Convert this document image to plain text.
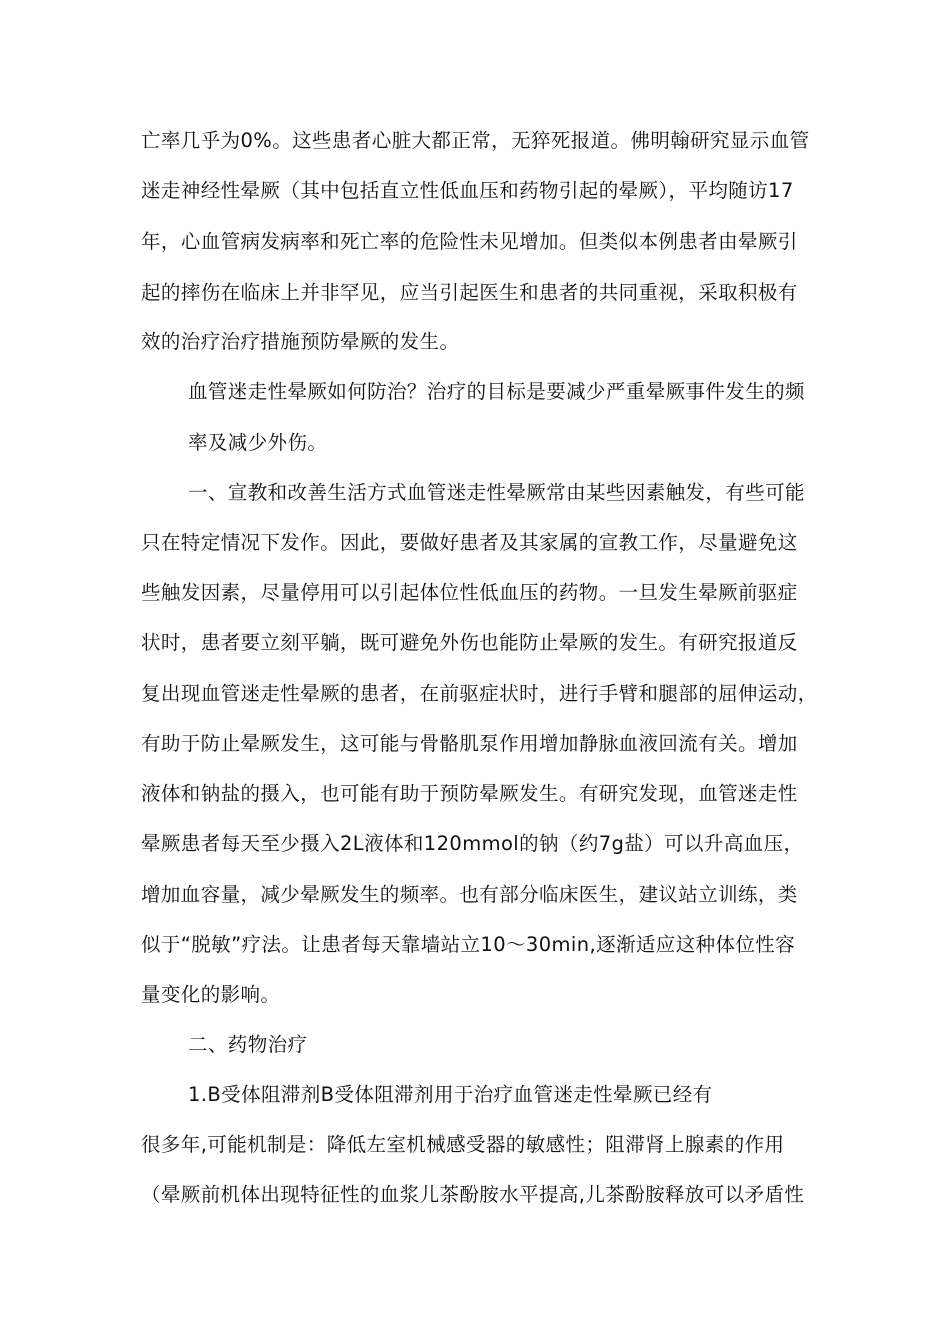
亡率几乎为0%。这些患者心脏大都正常，无猝死报道。佛明翰研究显示血管
迷走神经性晕厥（其中包括直立性低血压和药物引起的晕厥），平均随访17
年，心血管病发病率和死亡率的危险性未见增加。但类似本例患者由晕厥引
起的摔伤在临床上并非罕见，应当引起医生和患者的共同重视，采取积极有
效的治疗治疗措施预防晕厥的发生。
血管迷走性晕厥如何防治？治疗的目标是要减少严重晕厥事件发生的频
率及减少外伤。
一、宣教和改善生活方式血管迷走性晕厥常由某些因素触发，有些可能
只在特定情况下发作。因此，要做好患者及其家属的宣教工作，尽量避免这
些触发因素，尽量停用可以引起体位性低血压的药物。一旦发生晕厥前驱症
状时，患者要立刻平躺，既可避免外伤也能防止晕厥的发生。有研究报道反
复出现血管迷走性晕厥的患者，在前驱症状时，进行手臂和腿部的屈伸运动，
有助于防止晕厥发生，这可能与骨骼肌泵作用增加静脉血液回流有关。增加
液体和钠盐的摄入，也可能有助于预防晕厥发生。有研究发现，血管迷走性
晕厥患者每天至少摄入2L液体和120mmol的钠（约7g盐）可以升高血压，
增加血容量，减少晕厥发生的频率。也有部分临床医生，建议站立训练，类
似于“脱敏”疗法。让患者每天靠墙站立10～30min,逐渐适应这种体位性容
量变化的影响。
二、药物治疗
1.B受体阻滞剂B受体阻滞剂用于治疗血管迷走性晕厥已经有
很多年,可能机制是：降低左室机械感受器的敏感性；阻滞肾上腺素的作用
（晕厥前机体出现特征性的血浆儿茶酚胺水平提高,儿茶酚胺释放可以矛盾性
